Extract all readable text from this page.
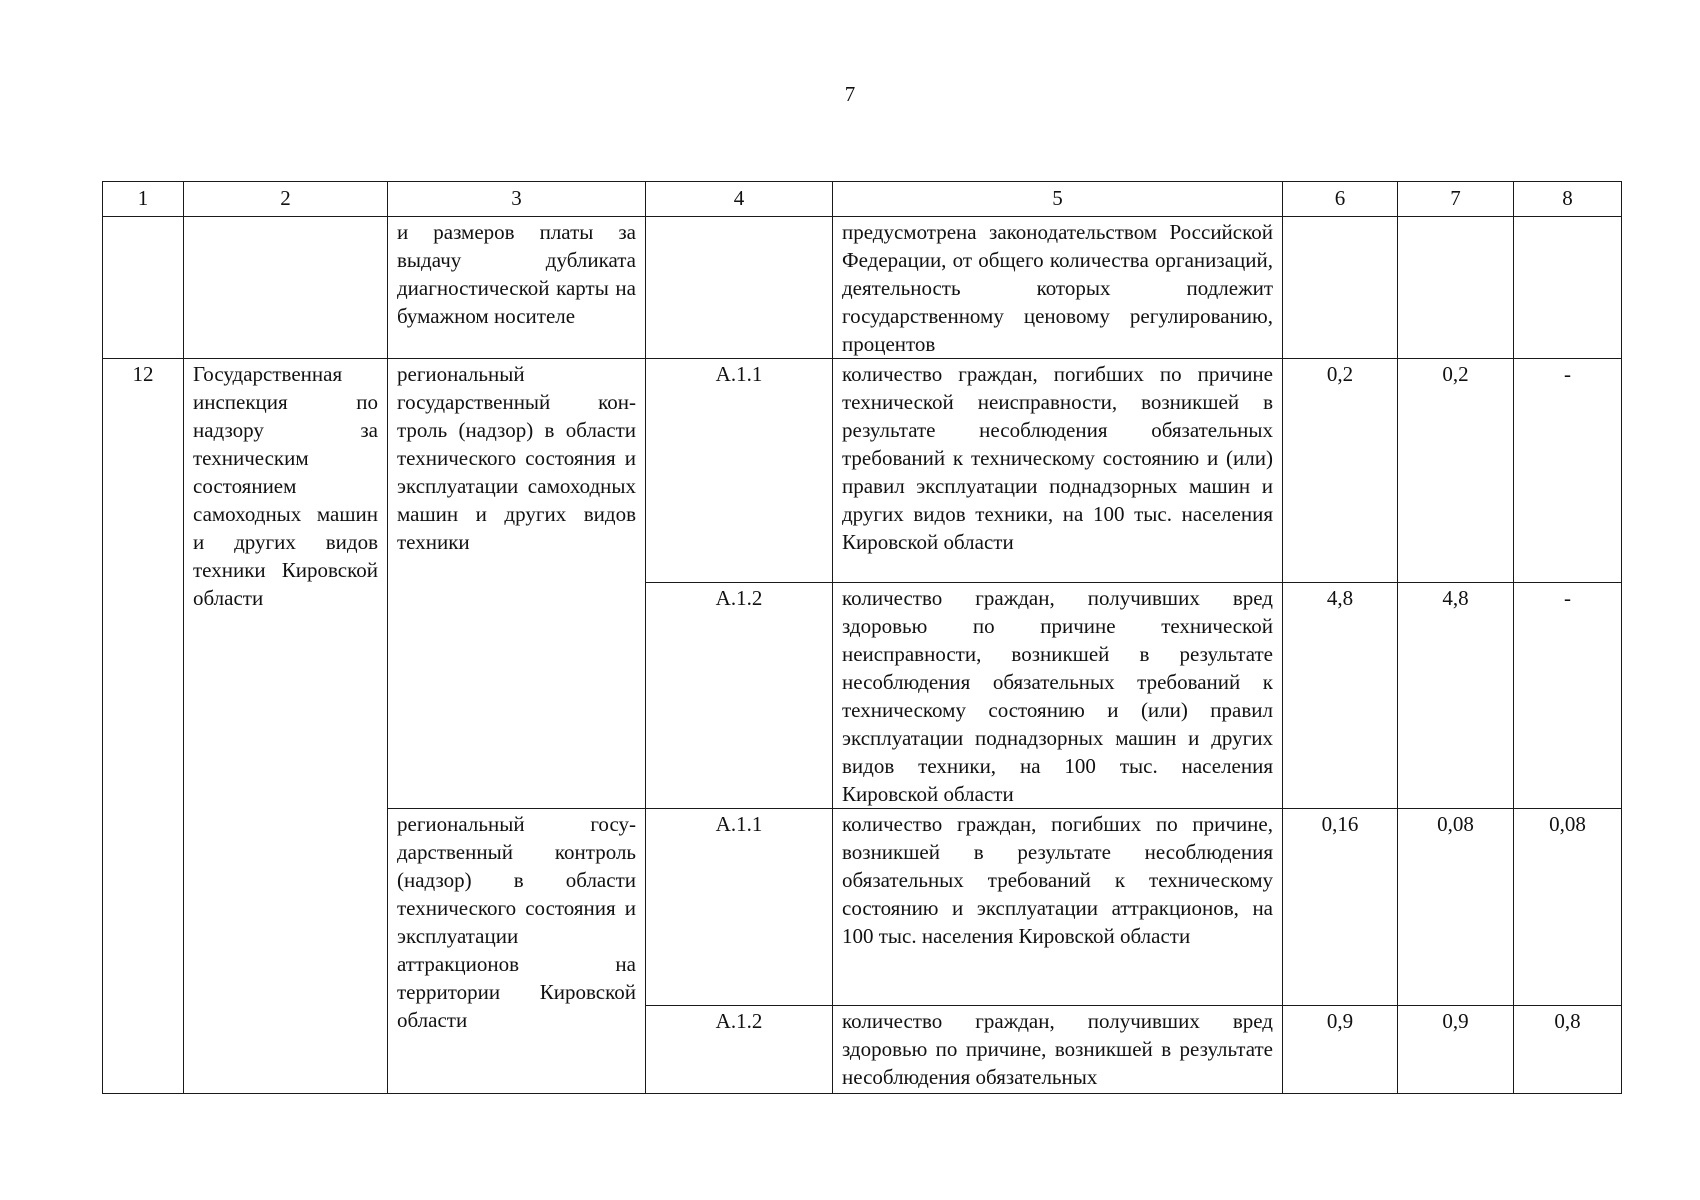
7
1	2	3	4	5	6	7	8
		и размеров платы за выдачу дубликата диагностической карты на бумажном носителе		предусмотрена законодательством Российской Федерации, от общего количества организаций, деятельность которых подлежит государственному ценовому регулированию, процентов			
12	Государственная инспекция по надзору за техническим состоянием самоходных машин и других видов техники Кировской области	региональный государственный контроль (надзор) в области технического состояния и эксплуатации самоходных машин и других видов техники	А.1.1	количество граждан, погибших по причине технической неисправности, возникшей в результате несоблюдения обязательных требований к техническому состоянию и (или) правил эксплуатации поднадзорных машин и других видов техники, на 100 тыс. населения Кировской области	0,2	0,2	-
			А.1.2	количество граждан, получивших вред здоровью по причине технической неисправности, возникшей в результате несоблюдения обязательных требований к техническому состоянию и (или) правил эксплуатации поднадзорных машин и других видов техники, на 100 тыс. населения Кировской области	4,8	4,8	-
		региональный государственный контроль (надзор) в области технического состояния и эксплуатации аттракционов на территории Кировской области	А.1.1	количество граждан, погибших по причине, возникшей в результате несоблюдения обязательных требований к техническому состоянию и эксплуатации аттракционов, на 100 тыс. населения Кировской области	0,16	0,08	0,08
			А.1.2	количество граждан, получивших вред здоровью по причине, возникшей в результате несоблюдения обязательных	0,9	0,9	0,8
